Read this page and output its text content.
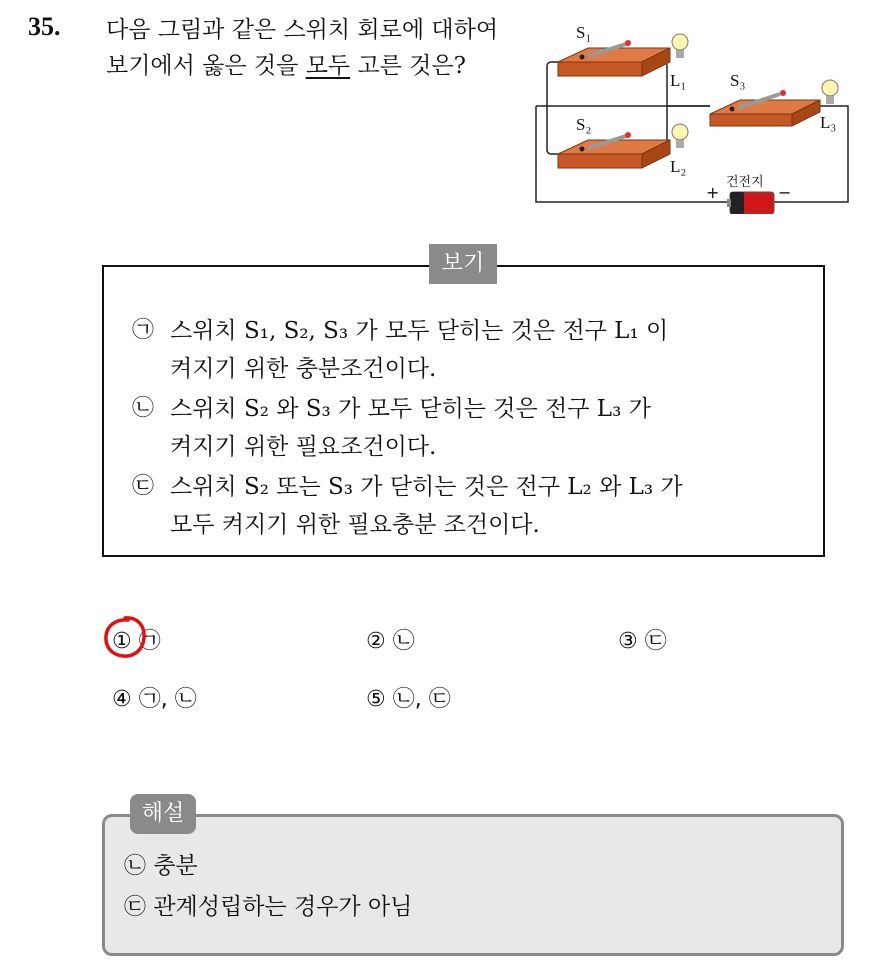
35. 다음 그림과 같은 스위치 회로에 대하여 보기에서 옳은 것을 모두 고른 것은?
S₁
L₁	S₃
L₃
S₂
L₂
건전지
+	−
보기
㉠ 스위치 S₁, S₂, S₃ 가 모두 닫히는 것은 전구 L₁ 이
켜지기 위한 충분조건이다.
㉡ 스위치 S₂ 와 S₃ 가 모두 닫히는 것은 전구 L₃ 가
켜지기 위한 필요조건이다.
㉢ 스위치 S₂ 또는 S₃ 가 닫히는 것은 전구 L₂ 와 L₃ 가
모두 켜지기 위한 필요충분 조건이다.
① ㉠	② ㉡	③ ㉢
④ ㉠, ㉡	⑤ ㉡, ㉢
해설
㉡ 충분
㉢ 관계성립하는 경우가 아님
